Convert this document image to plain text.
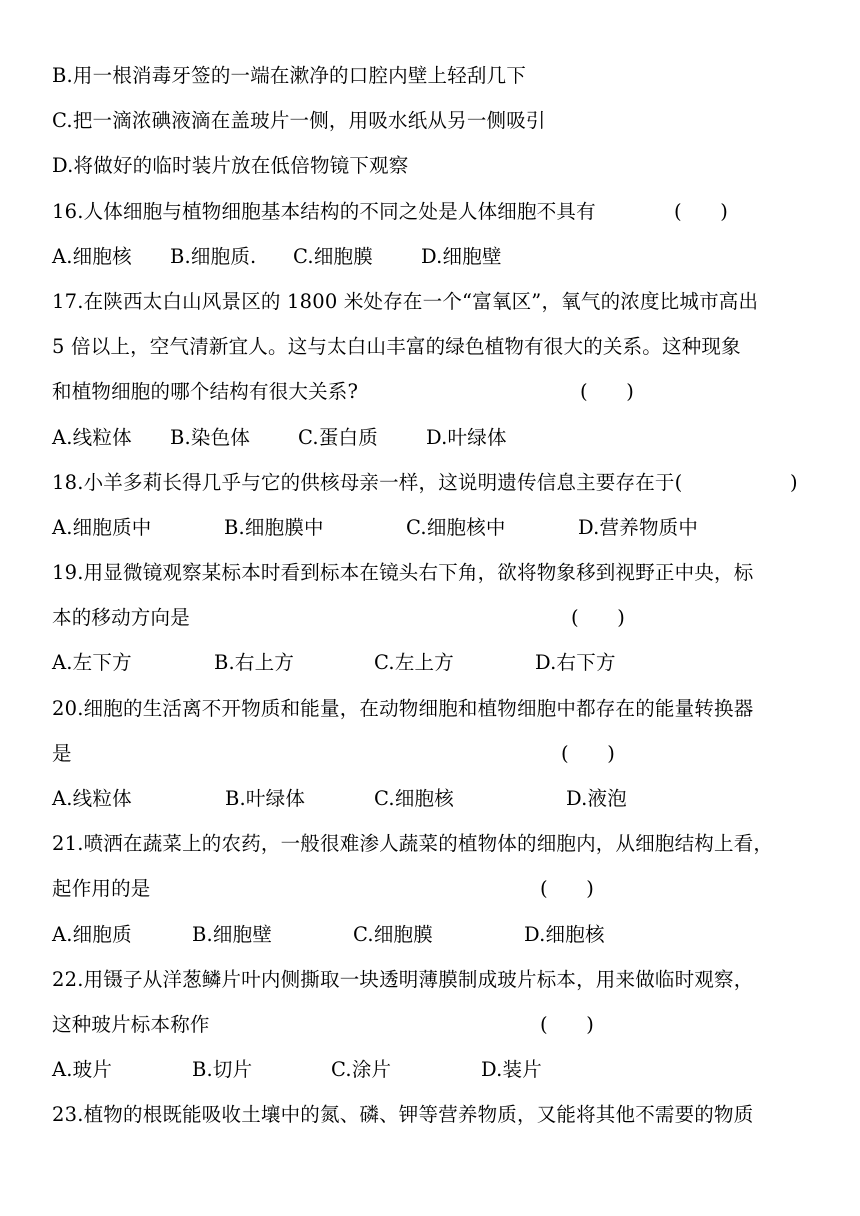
B.用一根消毒牙签的一端在漱净的口腔内壁上轻刮几下
C.把一滴浓碘液滴在盖玻片一侧，用吸水纸从另一侧吸引
D.将做好的临时装片放在低倍物镜下观察
16.人体细胞与植物细胞基本结构的不同之处是人体细胞不具有	(      )
A.细胞核 B.细胞质. C.细胞膜 D.细胞壁
17.在陕西太白山风景区的 1800 米处存在一个“富氧区”，氧气的浓度比城市高出
5 倍以上，空气清新宜人。这与太白山丰富的绿色植物有很大的关系。这种现象
和植物细胞的哪个结构有很大关系?	(      )
A.线粒体 B.染色体 C.蛋白质 D.叶绿体
18.小羊多莉长得几乎与它的供核母亲一样，这说明遗传信息主要存在于(	)
A.细胞质中	B.细胞膜中	C.细胞核中	D.营养物质中
19.用显微镜观察某标本时看到标本在镜头右下角，欲将物象移到视野正中央，标
本的移动方向是	(      )
A.左下方	B.右上方	C.左上方	D.右下方
20.细胞的生活离不开物质和能量，在动物细胞和植物细胞中都存在的能量转换器
是	(      )
A.线粒体	B.叶绿体	C.细胞核	D.液泡
21.喷洒在蔬菜上的农药，一般很难渗人蔬菜的植物体的细胞内，从细胞结构上看，
起作用的是	(      )
A.细胞质	B.细胞壁	C.细胞膜	D.细胞核
22.用镊子从洋葱鳞片叶内侧撕取一块透明薄膜制成玻片标本，用来做临时观察，
这种玻片标本称作	(      )
A.玻片	B.切片	C.涂片	D.装片
23.植物的根既能吸收土壤中的氮、磷、钾等营养物质，又能将其他不需要的物质
